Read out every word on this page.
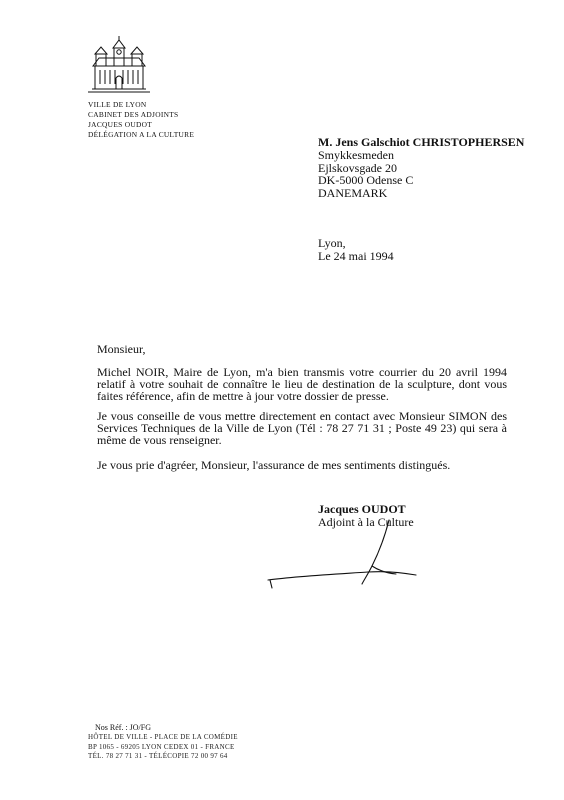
VILLE DE LYON
CABINET DES ADJOINTS
JACQUES OUDOT
DÉLÉGATION A LA CULTURE
M. Jens Galschiot CHRISTOPHERSEN
Smykkesmeden
Ejlskovsgade 20
DK-5000 Odense C
DANEMARK
Lyon,
Le 24 mai 1994
Monsieur,
Michel NOIR, Maire de Lyon, m'a bien transmis votre courrier du 20 avril 1994 relatif à votre souhait de connaître le lieu de destination de la sculpture, dont vous faites référence, afin de mettre à jour votre dossier de presse.
Je vous conseille de vous mettre directement en contact avec Monsieur SIMON des Services Techniques de la Ville de Lyon (Tél : 78 27 71 31 ; Poste 49 23) qui sera à même de vous renseigner.
Je vous prie d'agréer, Monsieur, l'assurance de mes sentiments distingués.
Jacques OUDOT
Adjoint à la Culture
Nos Réf. : JO/FG
HÔTEL DE VILLE - PLACE DE LA COMÉDIE
BP 1065 - 69205 LYON CEDEX 01 - FRANCE
TÉL. 78 27 71 31 - TÉLÉCOPIE 72 00 97 64
